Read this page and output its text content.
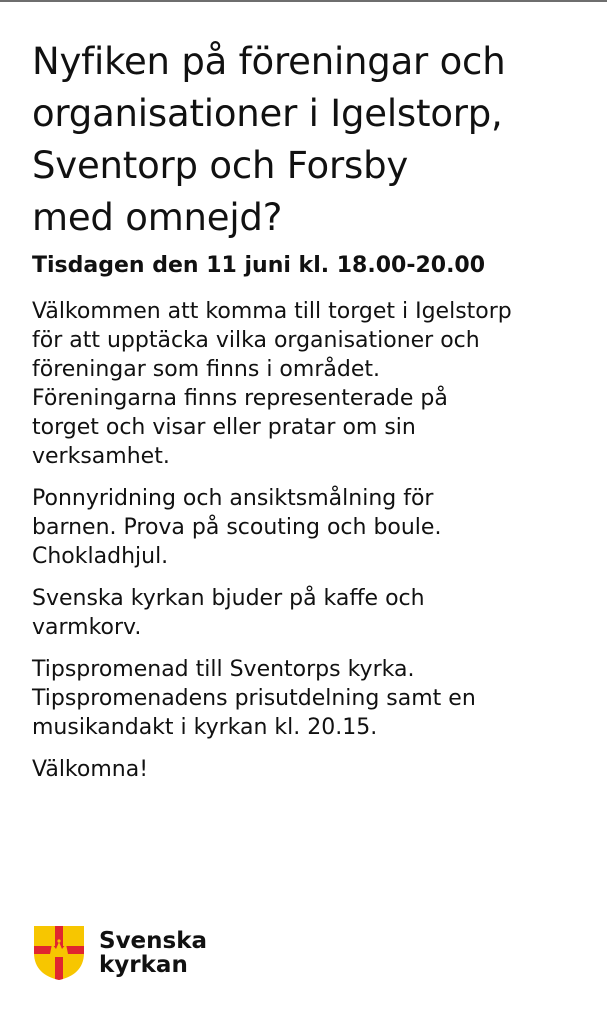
Nyfiken på föreningar och
organisationer i Igelstorp,
Sventorp och Forsby
med omnejd?
Tisdagen den 11 juni kl. 18.00-20.00
Välkommen att komma till torget i Igelstorp
för att upptäcka vilka organisationer och
föreningar som finns i området.
Föreningarna finns representerade på
torget och visar eller pratar om sin
verksamhet.
Ponnyridning och ansiktsmålning för
barnen. Prova på scouting och boule.
Chokladhjul.
Svenska kyrkan bjuder på kaffe och
varmkorv.
Tipspromenad till Sventorps kyrka.
Tipspromenadens prisutdelning samt en
musikandakt i kyrkan kl. 20.15.
Välkomna!
Svenska
kyrkan
